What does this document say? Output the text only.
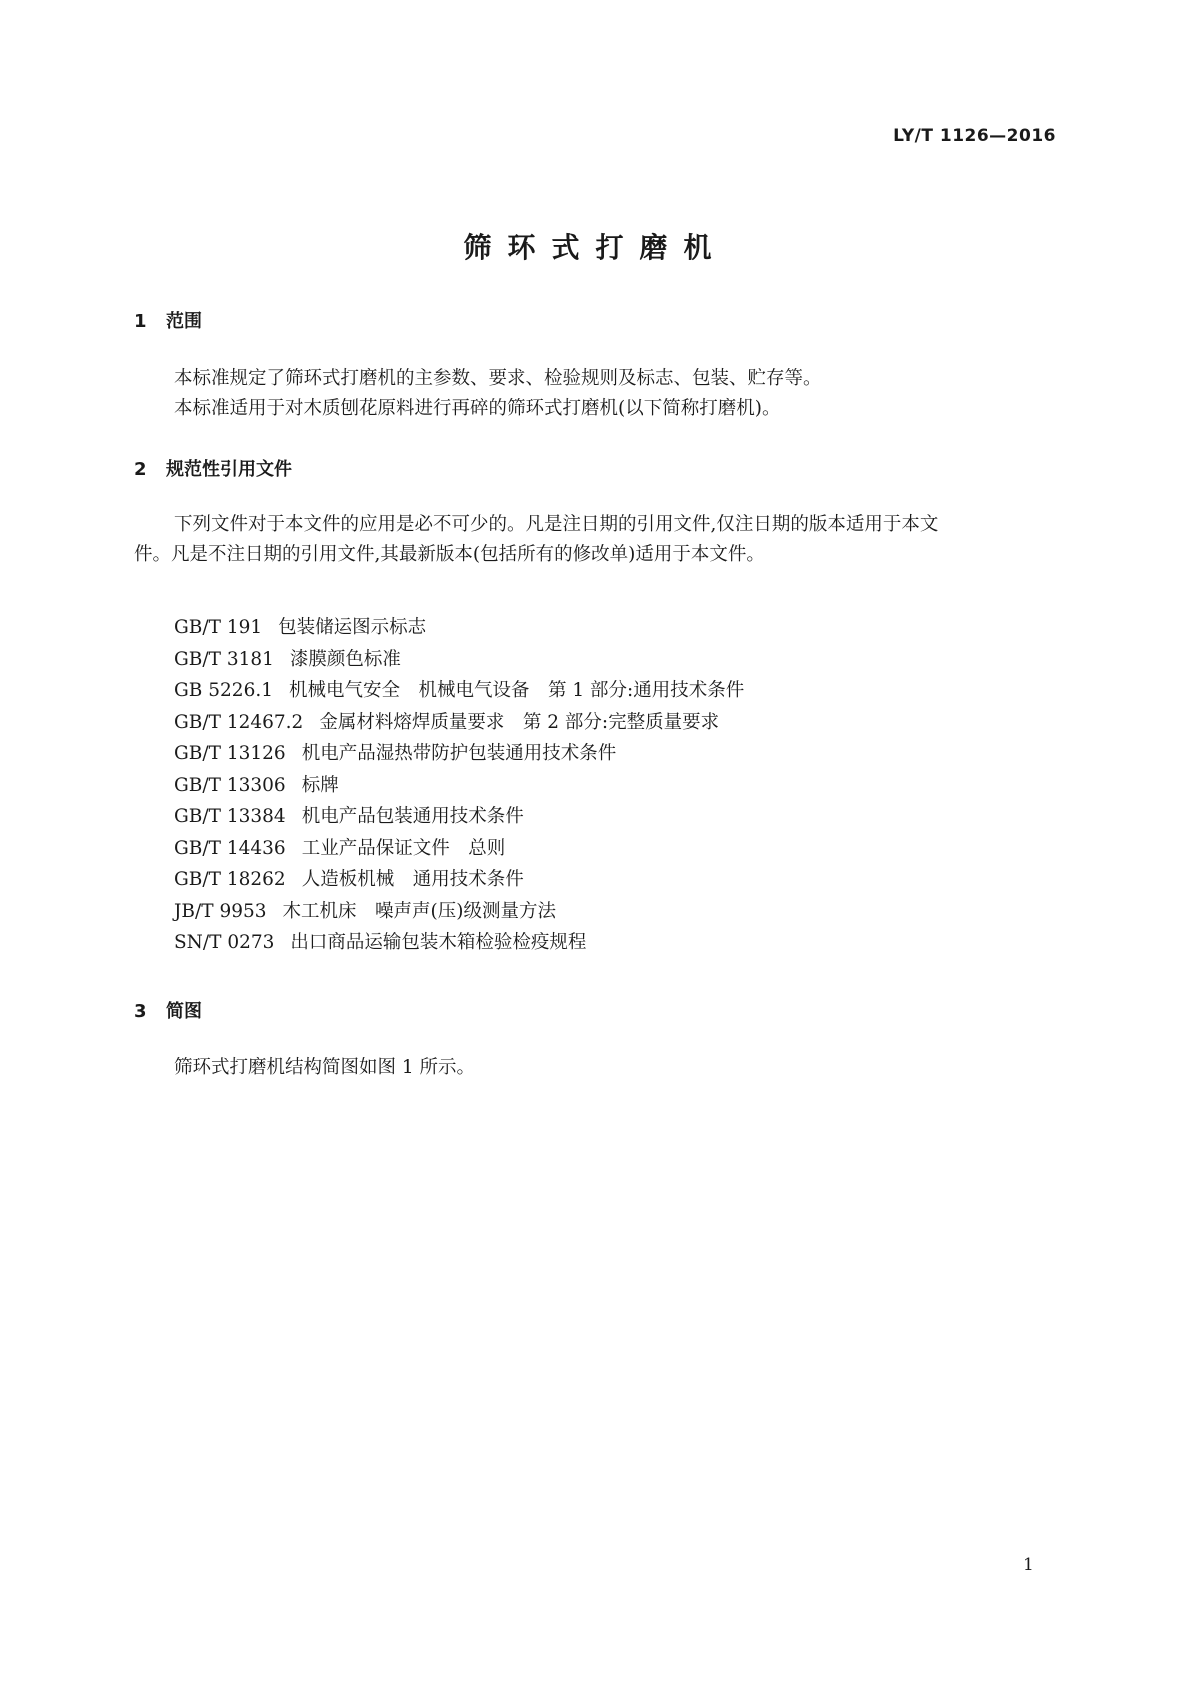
LY/T 1126—2016
筛环式打磨机
1 范围
本标准规定了筛环式打磨机的主参数、要求、检验规则及标志、包装、贮存等。
本标准适用于对木质刨花原料进行再碎的筛环式打磨机(以下简称打磨机)。
2 规范性引用文件
下列文件对于本文件的应用是必不可少的。凡是注日期的引用文件,仅注日期的版本适用于本文
件。凡是不注日期的引用文件,其最新版本(包括所有的修改单)适用于本文件。
GB/T 191 包装储运图示标志
GB/T 3181 漆膜颜色标准
GB 5226.1 机械电气安全　机械电气设备　第 1 部分:通用技术条件
GB/T 12467.2 金属材料熔焊质量要求　第 2 部分:完整质量要求
GB/T 13126 机电产品湿热带防护包装通用技术条件
GB/T 13306 标牌
GB/T 13384 机电产品包装通用技术条件
GB/T 14436 工业产品保证文件　总则
GB/T 18262 人造板机械　通用技术条件
JB/T 9953 木工机床　噪声声(压)级测量方法
SN/T 0273 出口商品运输包装木箱检验检疫规程
3 简图
筛环式打磨机结构简图如图 1 所示。
1
